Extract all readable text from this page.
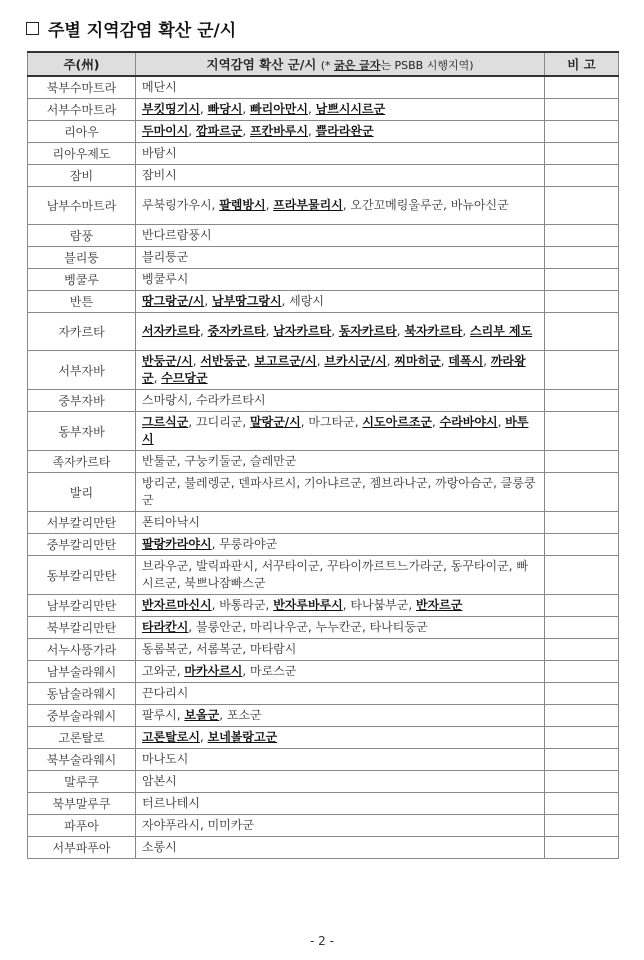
주별 지역감염 확산 군/시
주(州)	지역감염 확산 군/시 (* 굵은 글자는 PSBB 시행지역)	비 고
북부수마트라	메단시	
서부수마트라	부킷띵기시, 빠당시, 빠리아만시, 남쁘시시르군	
리아우	두마이시, 깜파르군, 프칸바루시, 쁠라라완군	
리아우제도	바탐시	
잠비	잠비시	
남부수마트라	루북링가우시, 팔렘방시, 프라부물리시, 오간꼬메링울루군, 바뉴아신군	
람풍	반다르람풍시	
블리퉁	블리퉁군	
벵쿨루	벵쿨루시	
반튼	땅그랑군/시, 남부땅그랑시, 세랑시	
자카르타	서자카르타, 중자카르타, 남자카르타, 동자카르타, 북자카르타, 스리부 제도	
서부자바	반둥군/시, 서반둥군, 보고르군/시, 브카시군/시, 찌마히군, 데폭시, 까라왕군, 수므당군	
중부자바	스마랑시, 수라카르타시	
동부자바	그르식군, 끄디리군, 말랑군/시, 마그타군, 시도아르조군, 수라바야시, 바투시	
족자카르타	반툴군, 구눙키둘군, 슬레만군	
발리	방리군, 불레렝군, 덴파사르시, 기아냐르군, 젬브라나군, 까랑아슴군, 클룽쿵군	
서부칼리만탄	폰티아낙시	
중부칼리만탄	팔랑카라야시, 무룽라야군	
동부칼리만탄	브라우군, 발릭파판시, 서꾸타이군, 꾸타이까르트느가라군, 동꾸타이군, 빠시르군, 북쁘나잠빠스군	
남부칼리만탄	반자르마신시, 바통라군, 반자루바루시, 타나붐부군, 반자르군	
북부칼리만탄	타라칸시, 불룽안군, 마리나우군, 누누칸군, 타나티둥군	
서누사뜽가라	동롬복군, 서롬복군, 마타람시	
남부술라웨시	고와군, 마카사르시, 마로스군	
동남술라웨시	끈다리시	
중부술라웨시	팔루시, 보올군, 포소군	
고론탈로	고론탈로시, 보네볼랑고군	
북부술라웨시	마나도시	
말루쿠	암본시	
북부말루쿠	터르나테시	
파푸아	자야푸라시, 미미카군	
서부파푸아	소롱시	
- 2 -
